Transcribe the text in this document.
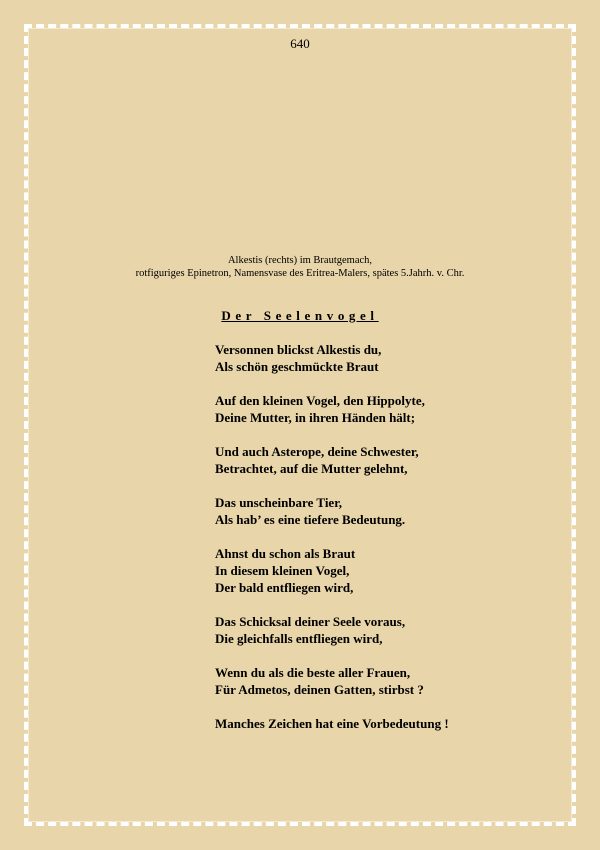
640
Alkestis (rechts) im Brautgemach,
rotfiguriges Epinetron, Namensvase des Eritrea-Malers, spätes 5.Jahrh. v. Chr.
Der Seelenvogel
Versonnen blickst Alkestis du,
Als schön geschmückte Braut
Auf den kleinen Vogel, den Hippolyte,
Deine Mutter, in ihren Händen hält;
Und auch Asterope, deine Schwester,
Betrachtet, auf die Mutter gelehnt,
Das unscheinbare Tier,
Als hab’ es eine tiefere Bedeutung.
Ahnst du schon als Braut
In diesem kleinen Vogel,
Der bald entfliegen wird,
Das Schicksal deiner Seele voraus,
Die gleichfalls entfliegen wird,
Wenn du als die beste aller Frauen,
Für Admetos, deinen Gatten, stirbst ?
Manches Zeichen hat eine Vorbedeutung !
